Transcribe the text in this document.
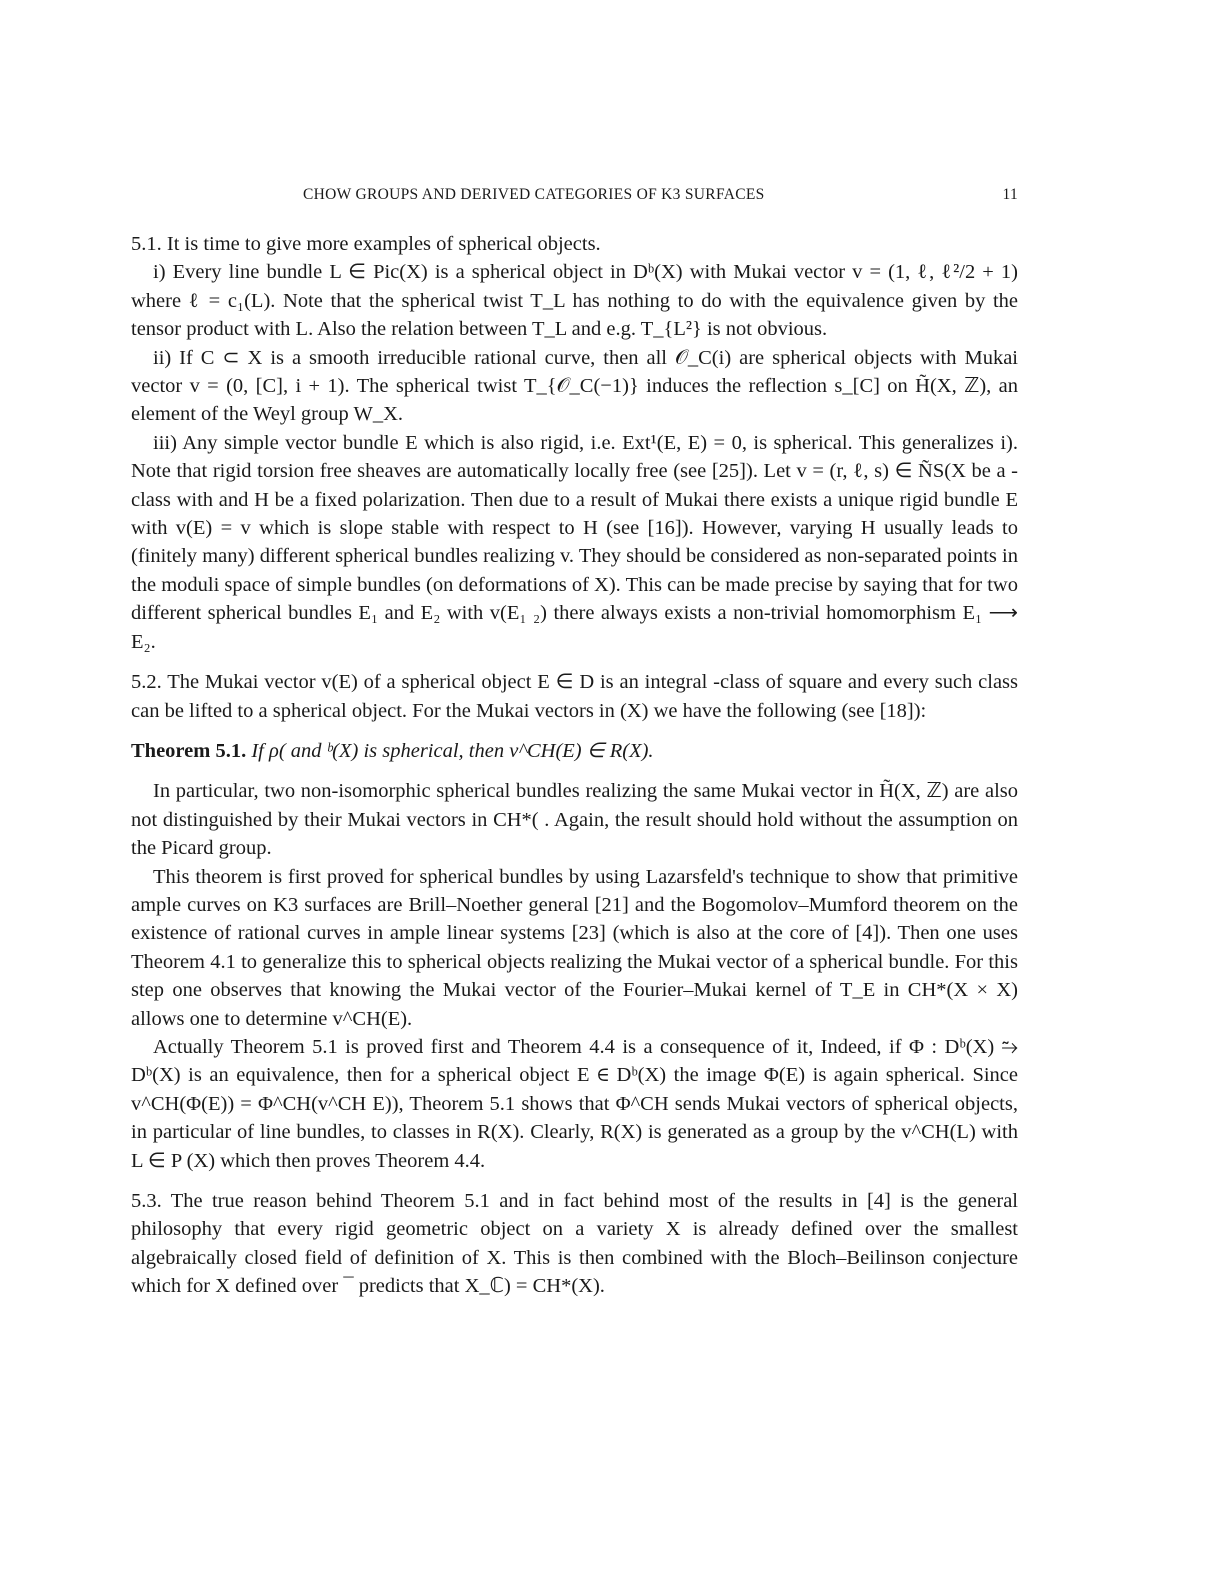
CHOW GROUPS AND DERIVED CATEGORIES OF K3 SURFACES	11

5.1. It is time to give more examples of spherical objects.

i) Every line bundle L ∈ Pic(X) is a spherical object in Dᵇ(X) with Mukai vector v = (1, ℓ, ℓ²/2 + 1) where ℓ = c₁(L). Note that the spherical twist T_L has nothing to do with the equivalence given by the tensor product with L. Also the relation between T_L and e.g. T_{L²} is not obvious.

ii) If C ⊂ X is a smooth irreducible rational curve, then all 𝒪_C(i) are spherical objects with Mukai vector v = (0, [C], i + 1). The spherical twist T_{𝒪_C(−1)} induces the reflection s_[C] on H̃(X, ℤ), an element of the Weyl group W_X.

iii) Any simple vector bundle E which is also rigid, i.e. Ext¹(E, E) = 0, is spherical. This generalizes i). Note that rigid torsion free sheaves are automatically locally free (see [25]). Let v = (r, ℓ, s) ∈ ÑS(X be a -class with and H be a fixed polarization. Then due to a result of Mukai there exists a unique rigid bundle E with v(E) = v which is slope stable with respect to H (see [16]). However, varying H usually leads to (finitely many) different spherical bundles realizing v. They should be considered as non-separated points in the moduli space of simple bundles (on deformations of X). This can be made precise by saying that for two different spherical bundles E₁ and E₂ with v(E₁ ₂) there always exists a non-trivial homomorphism E₁ ⟶ E₂.

5.2. The Mukai vector v(E) of a spherical object E ∈ D is an integral -class of square and every such class can be lifted to a spherical object. For the Mukai vectors in (X) we have the following (see [18]):

Theorem 5.1. If ρ( and ᵇ(X) is spherical, then v^CH(E) ∈ R(X).

In particular, two non-isomorphic spherical bundles realizing the same Mukai vector in H̃(X, ℤ) are also not distinguished by their Mukai vectors in CH*( . Again, the result should hold without the assumption on the Picard group.

This theorem is first proved for spherical bundles by using Lazarsfeld's technique to show that primitive ample curves on K3 surfaces are Brill–Noether general [21] and the Bogomolov–Mumford theorem on the existence of rational curves in ample linear systems [23] (which is also at the core of [4]). Then one uses Theorem 4.1 to generalize this to spherical objects realizing the Mukai vector of a spherical bundle. For this step one observes that knowing the Mukai vector of the Fourier–Mukai kernel of T_E in CH*(X × X) allows one to determine v^CH(E).

Actually Theorem 5.1 is proved first and Theorem 4.4 is a consequence of it, Indeed, if Φ : Dᵇ(X) ⥲ Dᵇ(X) is an equivalence, then for a spherical object E ∈ Dᵇ(X) the image Φ(E) is again spherical. Since v^CH(Φ(E)) = Φ^CH(v^CH E)), Theorem 5.1 shows that Φ^CH sends Mukai vectors of spherical objects, in particular of line bundles, to classes in R(X). Clearly, R(X) is generated as a group by the v^CH(L) with L ∈ P (X) which then proves Theorem 4.4.

5.3. The true reason behind Theorem 5.1 and in fact behind most of the results in [4] is the general philosophy that every rigid geometric object on a variety X is already defined over the smallest algebraically closed field of definition of X. This is then combined with the Bloch–Beilinson conjecture which for X defined over ¯ predicts that X_ℂ) = CH*(X).
